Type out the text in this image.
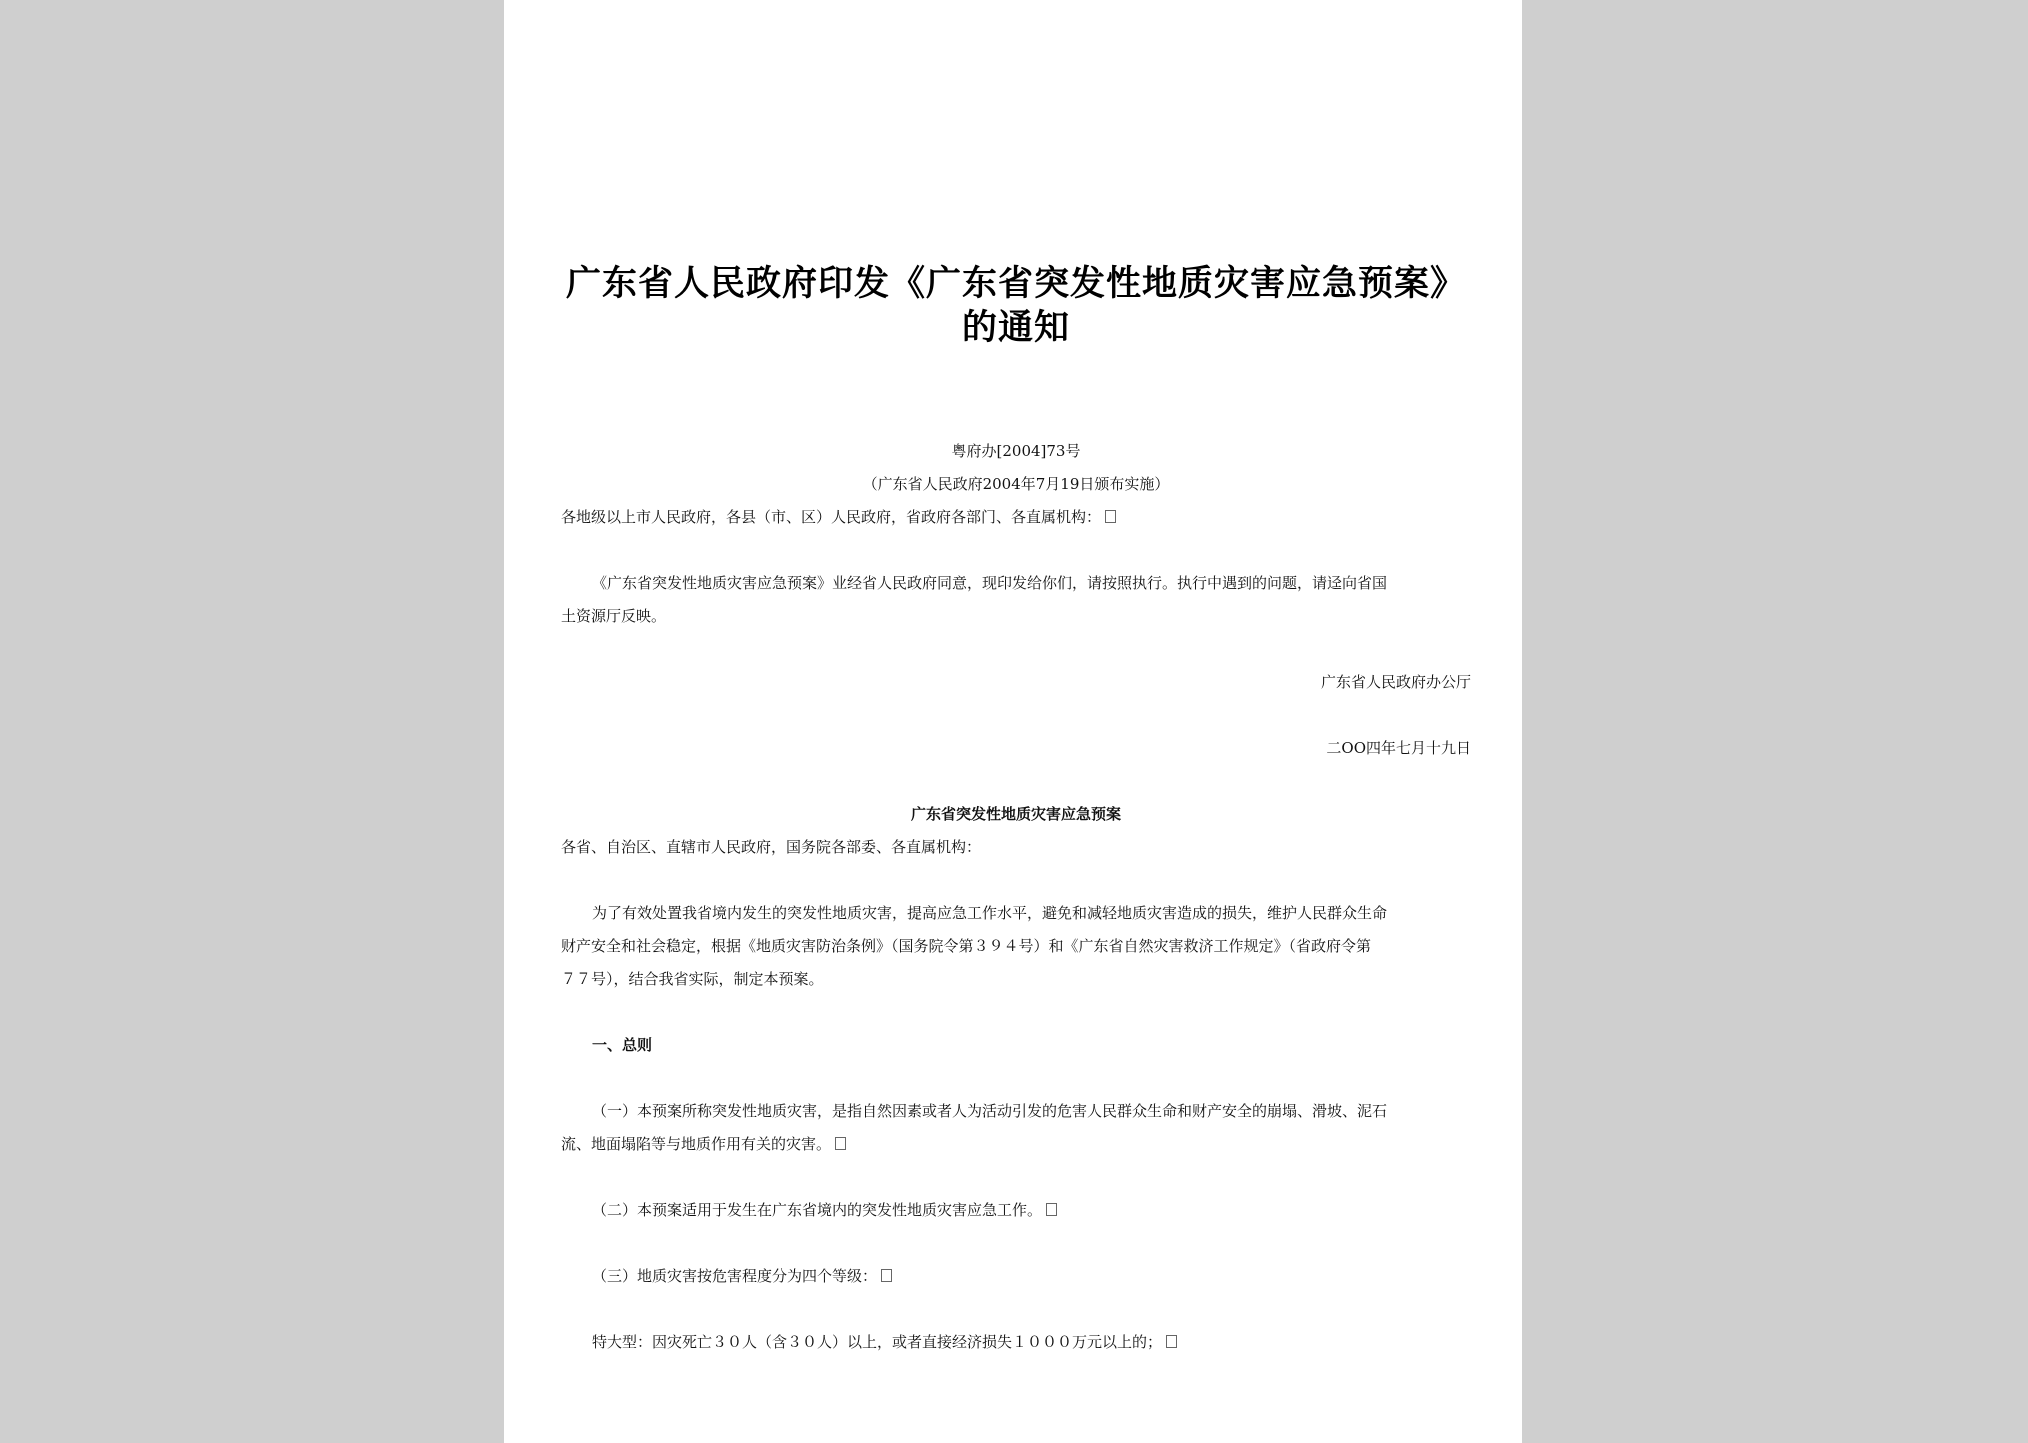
广东省人民政府印发《广东省突发性地质灾害应急预案》的通知
粤府办[2004]73号
（广东省人民政府2004年7月19日颁布实施）
各地级以上市人民政府，各县（市、区）人民政府，省政府各部门、各直属机构：
《广东省突发性地质灾害应急预案》业经省人民政府同意，现印发给你们，请按照执行。执行中遇到的问题，请迳向省国
土资源厅反映。
广东省人民政府办公厅
二OO四年七月十九日
广东省突发性地质灾害应急预案
各省、自治区、直辖市人民政府，国务院各部委、各直属机构：
为了有效处置我省境内发生的突发性地质灾害，提高应急工作水平，避免和减轻地质灾害造成的损失，维护人民群众生命
财产安全和社会稳定，根据《地质灾害防治条例》（国务院令第３９４号）和《广东省自然灾害救济工作规定》（省政府令第
７７号），结合我省实际，制定本预案。
一、总则
（一）本预案所称突发性地质灾害，是指自然因素或者人为活动引发的危害人民群众生命和财产安全的崩塌、滑坡、泥石
流、地面塌陷等与地质作用有关的灾害。
（二）本预案适用于发生在广东省境内的突发性地质灾害应急工作。
（三）地质灾害按危害程度分为四个等级：
特大型：因灾死亡３０人（含３０人）以上，或者直接经济损失１０００万元以上的；
